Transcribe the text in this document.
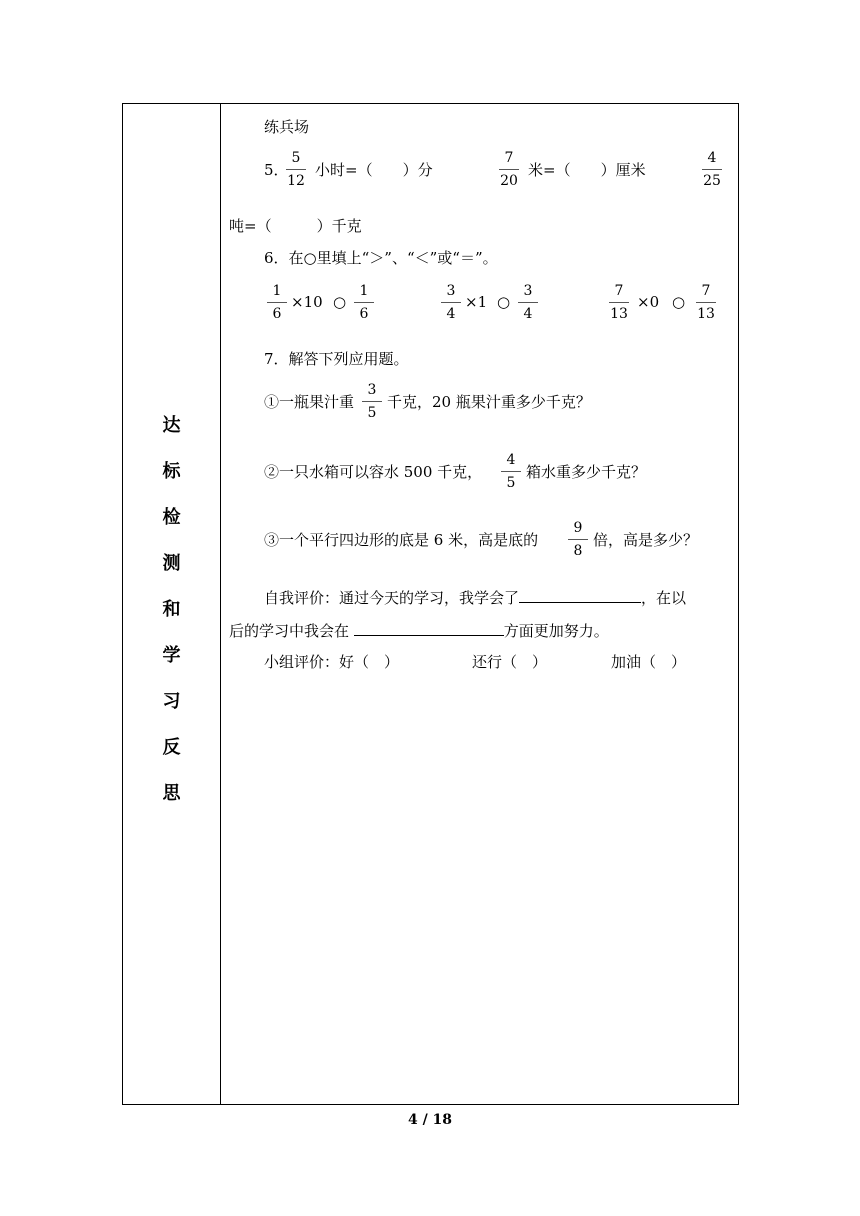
达
标
检
测
和
学
习
反
思
练兵场
5．
5
12
小时=（　　）分
7
20
米=（　　）厘米
4
25
吨=（　　　）千克
6．在○里填上“＞”、“＜”或“＝”。
1
6
×10 ○
1
6
3
4
×1 ○
3
4
7
13
×0 ○
7
13
7．解答下列应用题。
①一瓶果汁重
3
5
千克，20 瓶果汁重多少千克？
②一只水箱可以容水 500 千克，
4
5
箱水重多少千克？
③一个平行四边形的底是 6 米，高是底的
9
8
倍，高是多少？
自我评价：通过今天的学习，我学会了	，在以
后的学习中我会在	方面更加努力。
小组评价：好（　）	还行（　）	加油（　）
4 / 18
